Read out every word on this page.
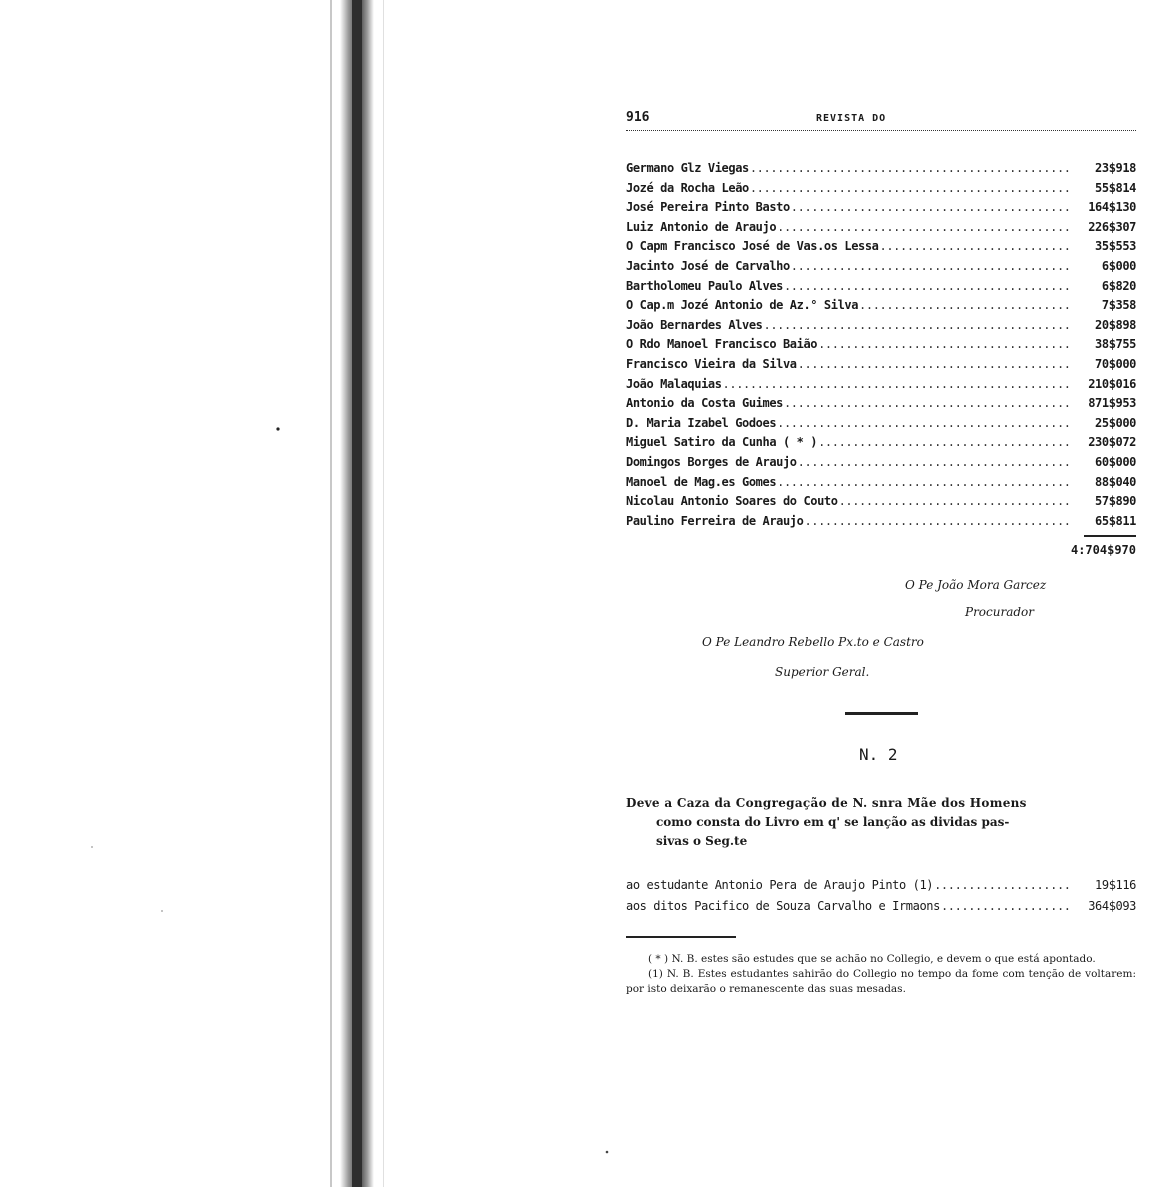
916	REVISTA DO
Germano Glz Viegas .....	23$918
Jozé da Rocha Leão .....	55$814
José Pereira Pinto Basto .....	164$130
Luiz Antonio de Araujo .....	226$307
O Capm Francisco José de Vas.os Lessa .....	35$553
Jacinto José de Carvalho .....	6$000
Bartholomeu Paulo Alves .....	6$820
O Cap.m Jozé Antonio de Az.° Silva .....	7$358
João Bernardes Alves .....	20$898
O Rdo Manoel Francisco Baião .....	38$755
Francisco Vieira da Silva .....	70$000
João Malaquias .....	210$016
Antonio da Costa Guimes .....	871$953
D. Maria Izabel Godoes .....	25$000
Miguel Satiro da Cunha ( * ) .....	230$072
Domingos Borges de Araujo .....	60$000
Manoel de Mag.es Gomes .....	88$040
Nicolau Antonio Soares do Couto .....	57$890
Paulino Ferreira de Araujo .....	65$811
4:704$970
O Pe João Mora Garcez
Procurador
O Pe Leandro Rebello Px.to e Castro
Superior Geral.
N. 2
Deve a Caza da Congregação de N. snra Mãe dos Homens
como consta do Livro em q' se lanção as dividas pas-
sivas o Seg.te
ao estudante Antonio Pera de Araujo Pinto (1) .....	19$116
aos ditos Pacifico de Souza Carvalho e Irmaons .....	364$093

( * ) N. B. estes são estudes que se achão no Collegio, e devem o que está apontado.

(1) N. B. Estes estudantes sahirão do Collegio no tempo da fome com tenção de voltarem: por isto deixarão o remanescente das suas mesadas.
